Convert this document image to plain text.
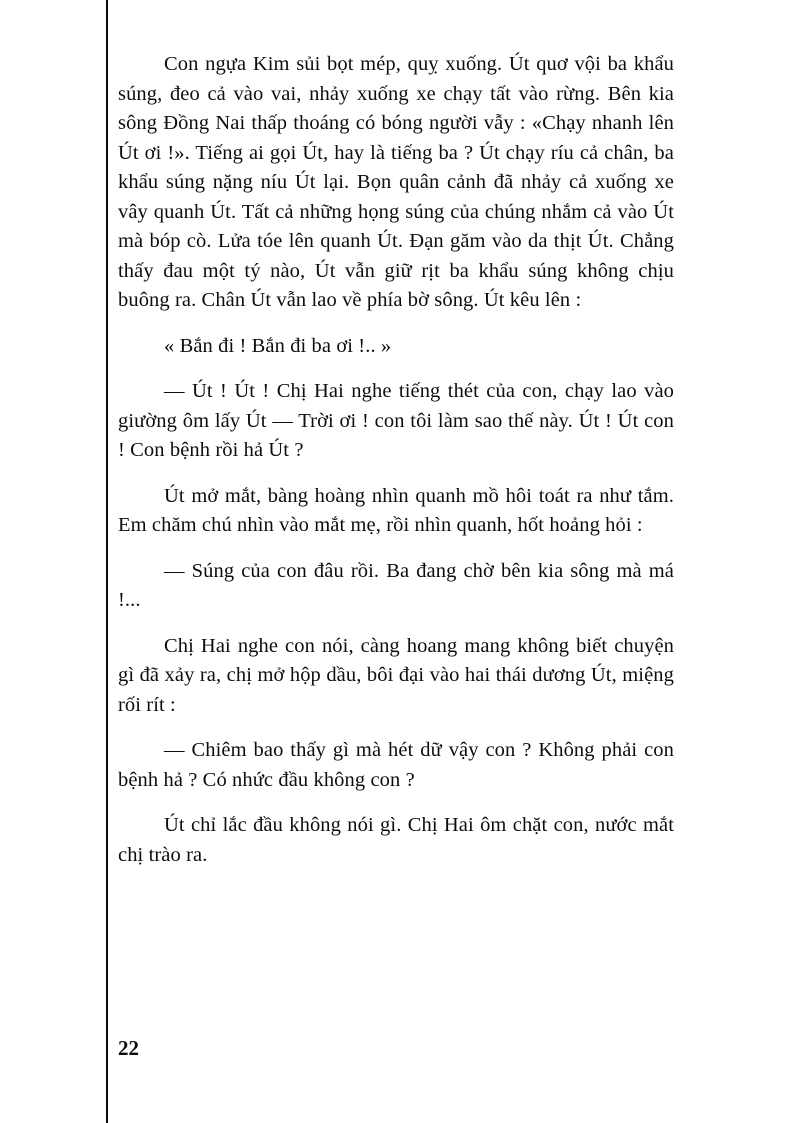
Con ngựa Kim sủi bọt mép, quỵ xuống. Út quơ vội ba khẩu súng, đeo cả vào vai, nhảy xuống xe chạy tất vào rừng. Bên kia sông Đồng Nai thấp thoáng có bóng người vẫy : «Chạy nhanh lên Út ơi !». Tiếng ai gọi Út, hay là tiếng ba ? Út chạy ríu cả chân, ba khẩu súng nặng níu Út lại. Bọn quân cảnh đã nhảy cả xuống xe vây quanh Út. Tất cả những họng súng của chúng nhắm cả vào Út mà bóp cò. Lửa tóe lên quanh Út. Đạn găm vào da thịt Út. Chẳng thấy đau một tý nào, Út vẫn giữ rịt ba khẩu súng không chịu buông ra. Chân Út vẫn lao về phía bờ sông. Út kêu lên :

« Bắn đi ! Bắn đi ba ơi !.. »

— Út ! Út ! Chị Hai nghe tiếng thét của con, chạy lao vào giường ôm lấy Út — Trời ơi ! con tôi làm sao thế này. Út ! Út con ! Con bệnh rồi hả Út ?

Út mở mắt, bàng hoàng nhìn quanh mồ hôi toát ra như tắm. Em chăm chú nhìn vào mắt mẹ, rồi nhìn quanh, hốt hoảng hỏi :

— Súng của con đâu rồi. Ba đang chờ bên kia sông mà má !...

Chị Hai nghe con nói, càng hoang mang không biết chuyện gì đã xảy ra, chị mở hộp dầu, bôi đại vào hai thái dương Út, miệng rối rít :

— Chiêm bao thấy gì mà hét dữ vậy con ? Không phải con bệnh hả ? Có nhức đầu không con ?

Út chỉ lắc đầu không nói gì. Chị Hai ôm chặt con, nước mắt chị trào ra.

22
